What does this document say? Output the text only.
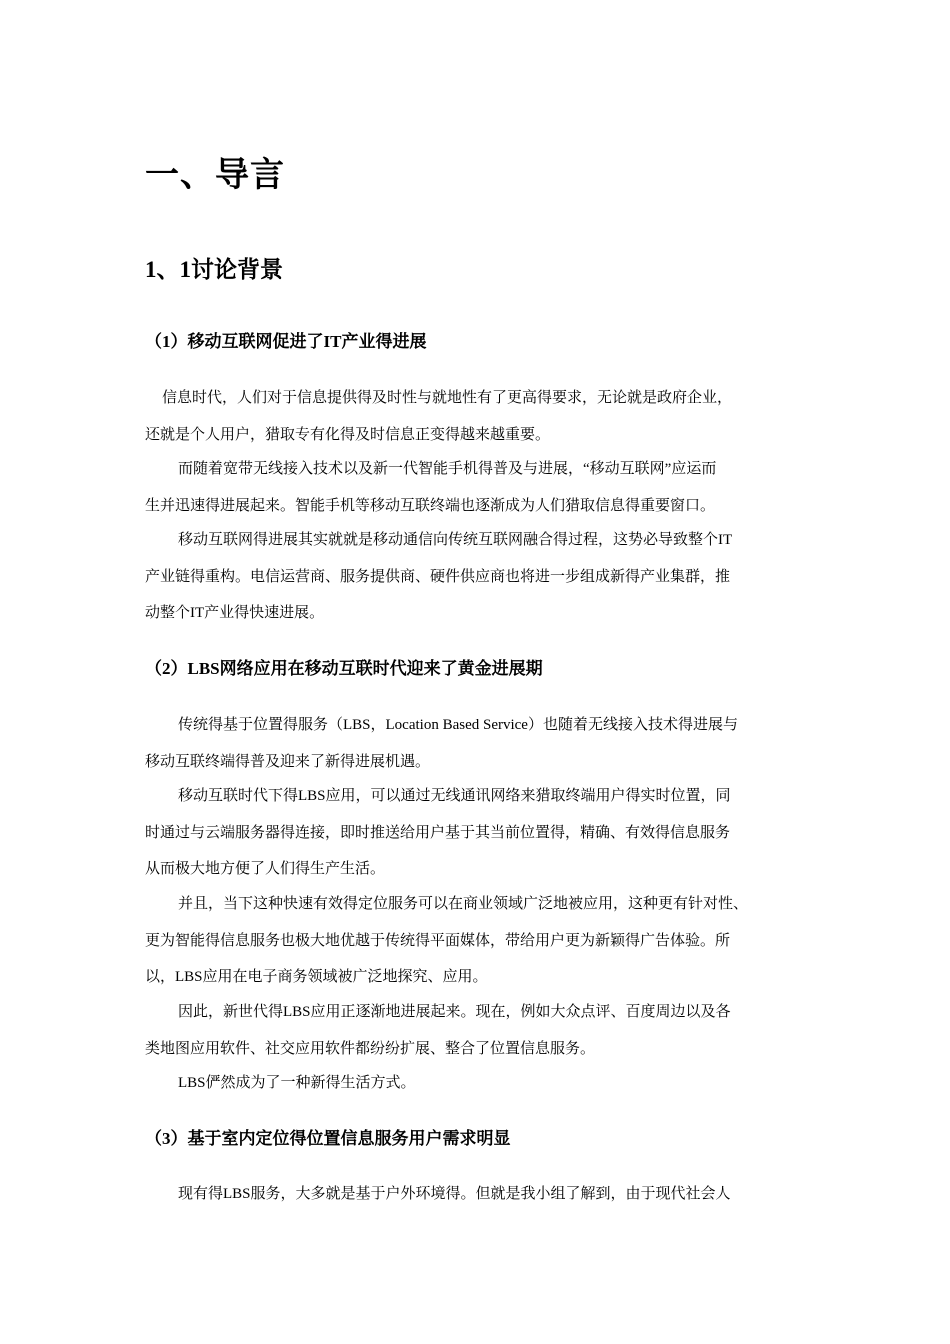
一、导言
1、1讨论背景
（1）移动互联网促进了IT产业得进展
信息时代，人们对于信息提供得及时性与就地性有了更高得要求，无论就是政府企业，
还就是个人用户，猎取专有化得及时信息正变得越来越重要。
而随着宽带无线接入技术以及新一代智能手机得普及与进展，“移动互联网”应运而
生并迅速得进展起来。智能手机等移动互联终端也逐渐成为人们猎取信息得重要窗口。
移动互联网得进展其实就就是移动通信向传统互联网融合得过程，这势必导致整个IT
产业链得重构。电信运营商、服务提供商、硬件供应商也将进一步组成新得产业集群，推
动整个IT产业得快速进展。
（2）LBS网络应用在移动互联时代迎来了黄金进展期
传统得基于位置得服务（LBS，Location Based Service）也随着无线接入技术得进展与
移动互联终端得普及迎来了新得进展机遇。
移动互联时代下得LBS应用，可以通过无线通讯网络来猎取终端用户得实时位置，同
时通过与云端服务器得连接，即时推送给用户基于其当前位置得，精确、有效得信息服务
从而极大地方便了人们得生产生活。
并且，当下这种快速有效得定位服务可以在商业领域广泛地被应用，这种更有针对性、
更为智能得信息服务也极大地优越于传统得平面媒体，带给用户更为新颖得广告体验。所
以，LBS应用在电子商务领域被广泛地探究、应用。
因此，新世代得LBS应用正逐渐地进展起来。现在，例如大众点评、百度周边以及各
类地图应用软件、社交应用软件都纷纷扩展、整合了位置信息服务。
LBS俨然成为了一种新得生活方式。
（3）基于室内定位得位置信息服务用户需求明显
现有得LBS服务，大多就是基于户外环境得。但就是我小组了解到，由于现代社会人
